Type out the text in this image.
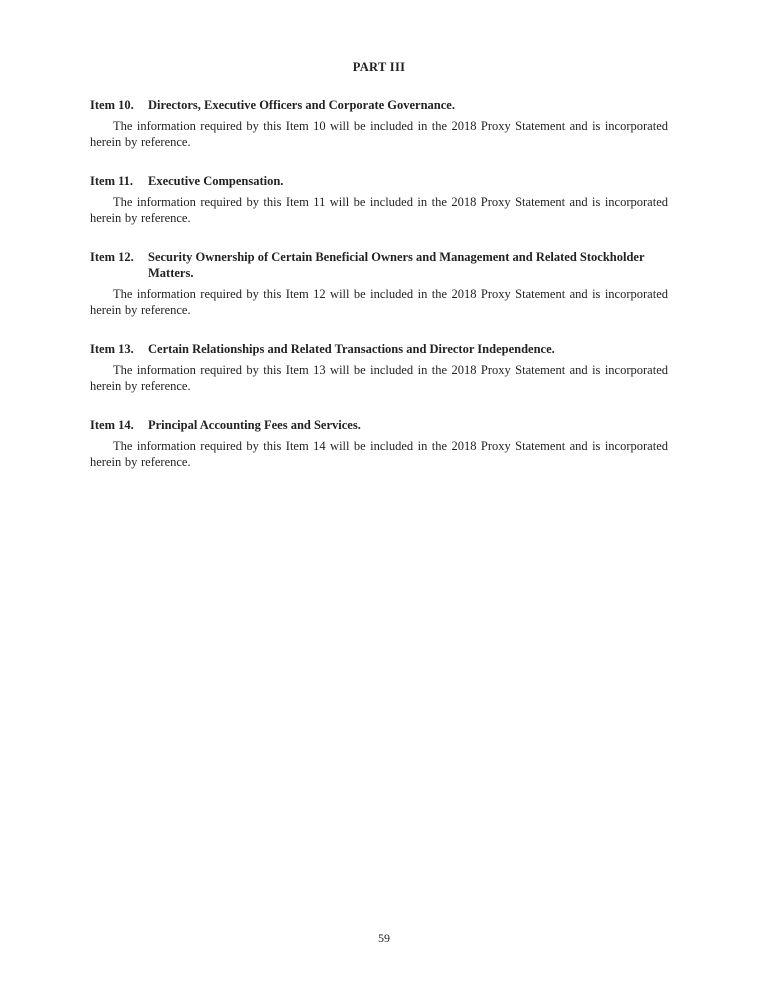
PART III
Item 10.	Directors, Executive Officers and Corporate Governance.

The information required by this Item 10 will be included in the 2018 Proxy Statement and is incorporated herein by reference.

Item 11.	Executive Compensation.

The information required by this Item 11 will be included in the 2018 Proxy Statement and is incorporated herein by reference.

Item 12.	Security Ownership of Certain Beneficial Owners and Management and Related Stockholder Matters.

The information required by this Item 12 will be included in the 2018 Proxy Statement and is incorporated herein by reference.

Item 13.	Certain Relationships and Related Transactions and Director Independence.

The information required by this Item 13 will be included in the 2018 Proxy Statement and is incorporated herein by reference.

Item 14.	Principal Accounting Fees and Services.

The information required by this Item 14 will be included in the 2018 Proxy Statement and is incorporated herein by reference.

59
